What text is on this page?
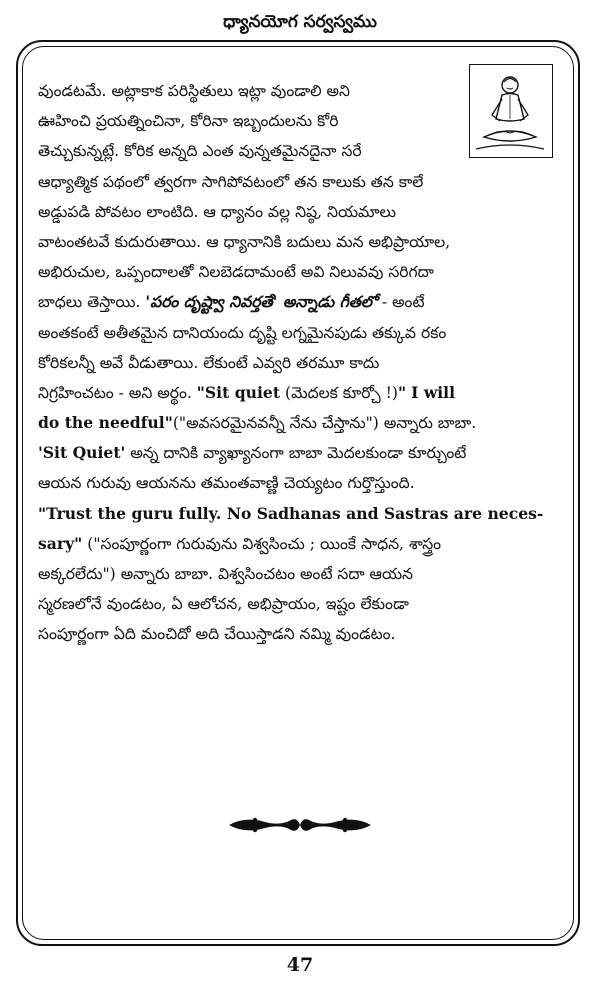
ధ్యానయోగ సర్వస్వము
వుండటమే. అట్లాకాక పరిస్థితులు ఇట్లా వుండాలి అని
ఊహించి ప్రయత్నించినా, కోరినా ఇబ్బందులను కోరి
తెచ్చుకున్నట్లే. కోరిక అన్నది ఎంత వున్నతమైనదైనా సరే
ఆధ్యాత్మిక పథంలో త్వరగా సాగిపోవటంలో తన కాలుకు తన కాలే
అడ్డుపడి పోవటం లాంటిది. ఆ ధ్యానం వల్ల నిష్ఠ, నియమాలు
వాటంతటవే కుదురుతాయి. ఆ ధ్యానానికి బదులు మన అభిప్రాయాల,
అభిరుచుల, ఒప్పందాలతో నిలబెడదామంటే అవి నిలువవు సరిగదా
బాధలు తెస్తాయి. 'పరం దృష్ట్వా నివర్తతే' అన్నాడు గీతలో - అంటే
అంతకంటే అతీతమైన దానియందు దృష్టి లగ్నమైనపుడు తక్కువ రకం
కోరికలన్నీ అవే వీడుతాయి. లేకుంటే ఎవ్వరి తరమూ కాదు
నిగ్రహించటం - అని అర్థం. "Sit quiet (మెదలక కూర్చో !)" I will
do the needful"("అవసరమైనవన్నీ నేను చేస్తాను") అన్నారు బాబా.
'Sit Quiet' అన్న దానికి వ్యాఖ్యానంగా బాబా మెదలకుండా కూర్చుంటే
ఆయన గురువు ఆయనను తమంతవాణ్ణి చెయ్యటం గుర్తొస్తుంది.
"Trust the guru fully. No Sadhanas and Sastras are neces-
sary" ("సంపూర్ణంగా గురువును విశ్వసించు ; యింకే సాధన, శాస్త్రం
అక్కరలేదు") అన్నారు బాబా. విశ్వసించటం అంటే సదా ఆయన
స్మరణలోనే వుండటం, ఏ ఆలోచన, అభిప్రాయం, ఇష్టం లేకుండా
సంపూర్ణంగా ఏది మంచిదో అది చేయిస్తాడని నమ్మి వుండటం.
47
